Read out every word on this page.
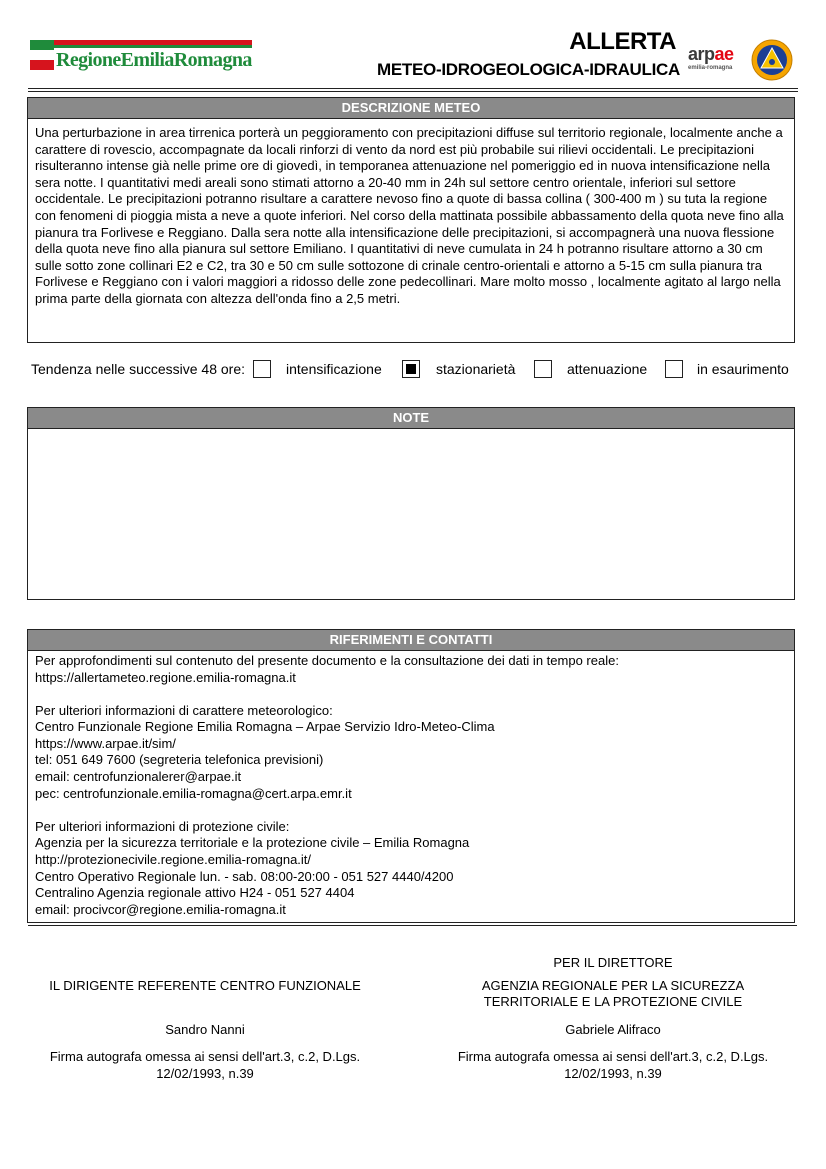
RegioneEmiliaRomagna
ALLERTA
METEO-IDROGEOLOGICA-IDRAULICA
arpae
emilia-romagna
DESCRIZIONE METEO

Una perturbazione in area tirrenica porterà un peggioramento con precipitazioni diffuse sul territorio regionale, localmente anche a carattere di rovescio, accompagnate da locali rinforzi di vento da nord est più probabile sui rilievi occidentali. Le precipitazioni risulteranno intense già nelle prime ore di giovedì, in temporanea attenuazione nel pomeriggio ed in nuova intensificazione nella sera notte. I quantitativi medi areali sono stimati attorno a 20-40 mm in 24h sul settore centro orientale, inferiori sul settore occidentale. Le precipitazioni potranno risultare a carattere nevoso fino a quote di bassa collina ( 300-400 m ) su tuta la regione con fenomeni di pioggia mista a neve a quote inferiori. Nel corso della mattinata possibile abbassamento della quota neve fino alla pianura tra Forlivese e Reggiano. Dalla sera notte alla intensificazione delle precipitazioni, si accompagnerà una nuova flessione della quota neve fino alla pianura sul settore Emiliano. I quantitativi di neve cumulata in 24 h potranno risultare attorno a 30 cm sulle sotto zone collinari E2 e C2, tra 30 e 50 cm sulle sottozone di crinale centro-orientali e attorno a 5-15 cm sulla pianura tra Forlivese e Reggiano con i valori maggiori a ridosso delle zone pedecollinari. Mare molto mosso , localmente agitato al largo nella prima parte della giornata con altezza dell'onda fino a 2,5 metri.

Tendenza nelle successive 48 ore:	intensificazione	stazionarietà	attenuazione	in esaurimento
NOTE
RIFERIMENTI E CONTATTI
Per approfondimenti sul contenuto del presente documento e la consultazione dei dati in tempo reale:
https://allertameteo.regione.emilia-romagna.it
Per ulteriori informazioni di carattere meteorologico:
Centro Funzionale Regione Emilia Romagna – Arpae Servizio Idro-Meteo-Clima
https://www.arpae.it/sim/
tel: 051 649 7600 (segreteria telefonica previsioni)
email: centrofunzionalerer@arpae.it
pec: centrofunzionale.emilia-romagna@cert.arpa.emr.it
Per ulteriori informazioni di protezione civile:
Agenzia per la sicurezza territoriale e la protezione civile – Emilia Romagna
http://protezionecivile.regione.emilia-romagna.it/
Centro Operativo Regionale lun. - sab. 08:00-20:00 - 051 527 4440/4200
Centralino Agenzia regionale attivo H24 - 051 527 4404
email: procivcor@regione.emilia-romagna.it
IL DIRIGENTE REFERENTE CENTRO FUNZIONALE
Sandro Nanni
Firma autografa omessa ai sensi dell'art.3, c.2, D.Lgs.
12/02/1993, n.39
PER IL DIRETTORE
AGENZIA REGIONALE PER LA SICUREZZA
TERRITORIALE E LA PROTEZIONE CIVILE
Gabriele Alifraco
Firma autografa omessa ai sensi dell'art.3, c.2, D.Lgs.
12/02/1993, n.39
